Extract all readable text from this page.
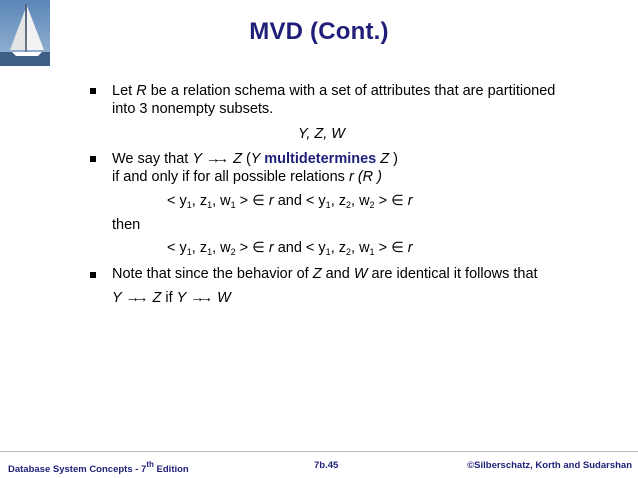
MVD (Cont.)
Let R be a relation schema with a set of attributes that are partitioned
into 3 nonempty subsets.
Y, Z, W
We say that Y →→ Z (Y multidetermines Z )
if and only if for all possible relations r (R )
< $y_1$, $z_1$, $w_1$ > ∈ r and < $y_1$, $z_2$, $w_2$ > ∈ r
then
< $y_1$, $z_1$, $w_2$ > ∈ r and < $y_1$, $z_2$, $w_1$ > ∈ r
Note that since the behavior of Z and W are identical it follows that
Y →→ Z if Y →→ W
Database System Concepts - 7th Edition	7b.45	©Silberschatz, Korth and Sudarshan
